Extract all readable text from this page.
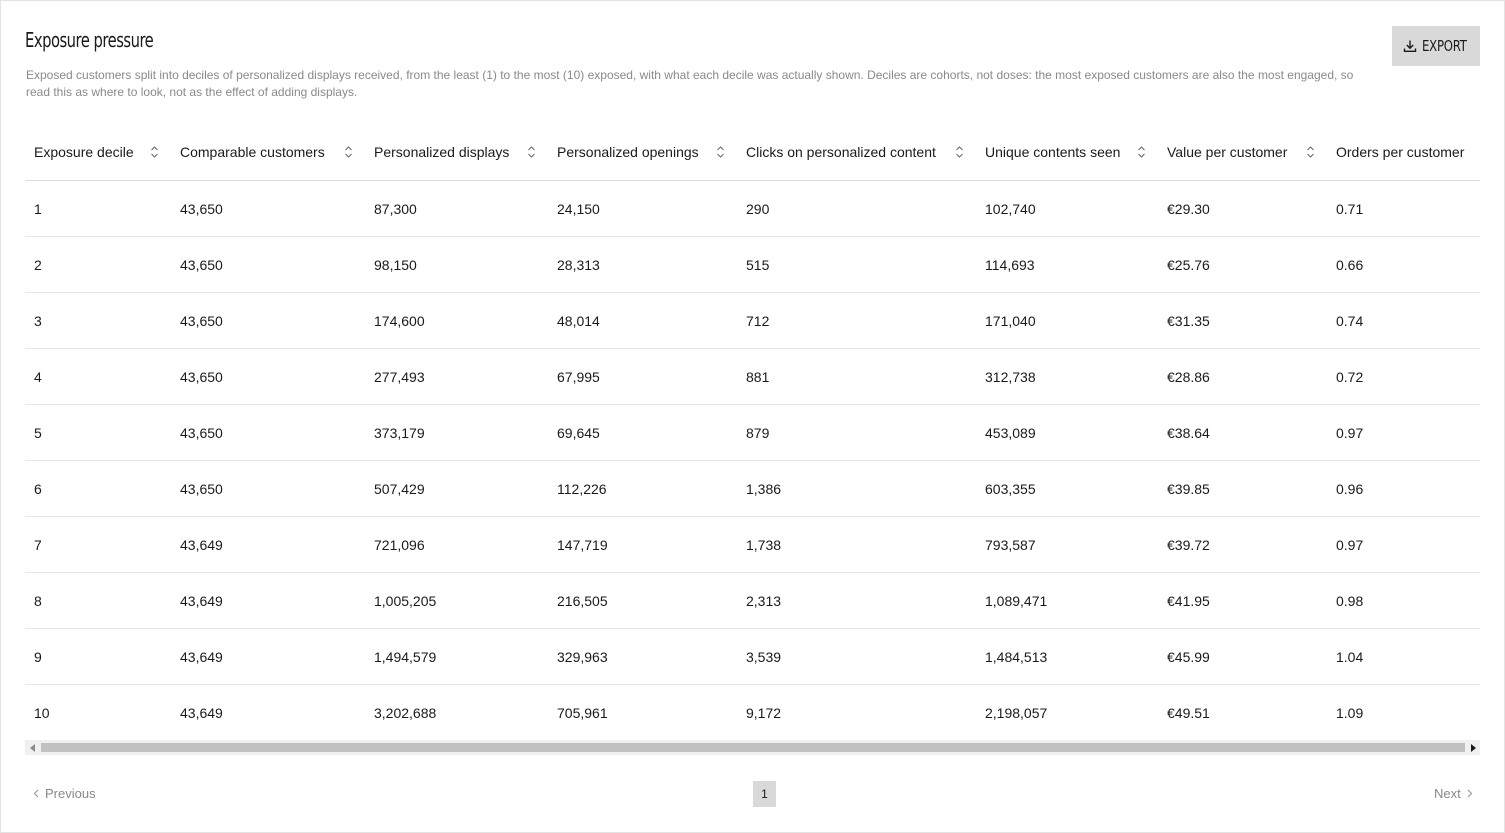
Exposure pressure
Exposed customers split into deciles of personalized displays received, from the least (1) to the most (10) exposed, with what each decile was actually shown. Deciles are cohorts, not doses: the most exposed customers are also the most engaged, so read this as where to look, not as the effect of adding displays.
EXPORT
Exposure decile	Comparable customers	Personalized displays	Personalized openings	Clicks on personalized content	Unique contents seen	Value per customer	Orders per customer

1	43,650	87,300	24,150	290	102,740	€29.30	0.71
2	43,650	98,150	28,313	515	114,693	€25.76	0.66
3	43,650	174,600	48,014	712	171,040	€31.35	0.74
4	43,650	277,493	67,995	881	312,738	€28.86	0.72
5	43,650	373,179	69,645	879	453,089	€38.64	0.97
6	43,650	507,429	112,226	1,386	603,355	€39.85	0.96
7	43,649	721,096	147,719	1,738	793,587	€39.72	0.97
8	43,649	1,005,205	216,505	2,313	1,089,471	€41.95	0.98
9	43,649	1,494,579	329,963	3,539	1,484,513	€45.99	1.04
10	43,649	3,202,688	705,961	9,172	2,198,057	€49.51	1.09
Previous	1	Next
